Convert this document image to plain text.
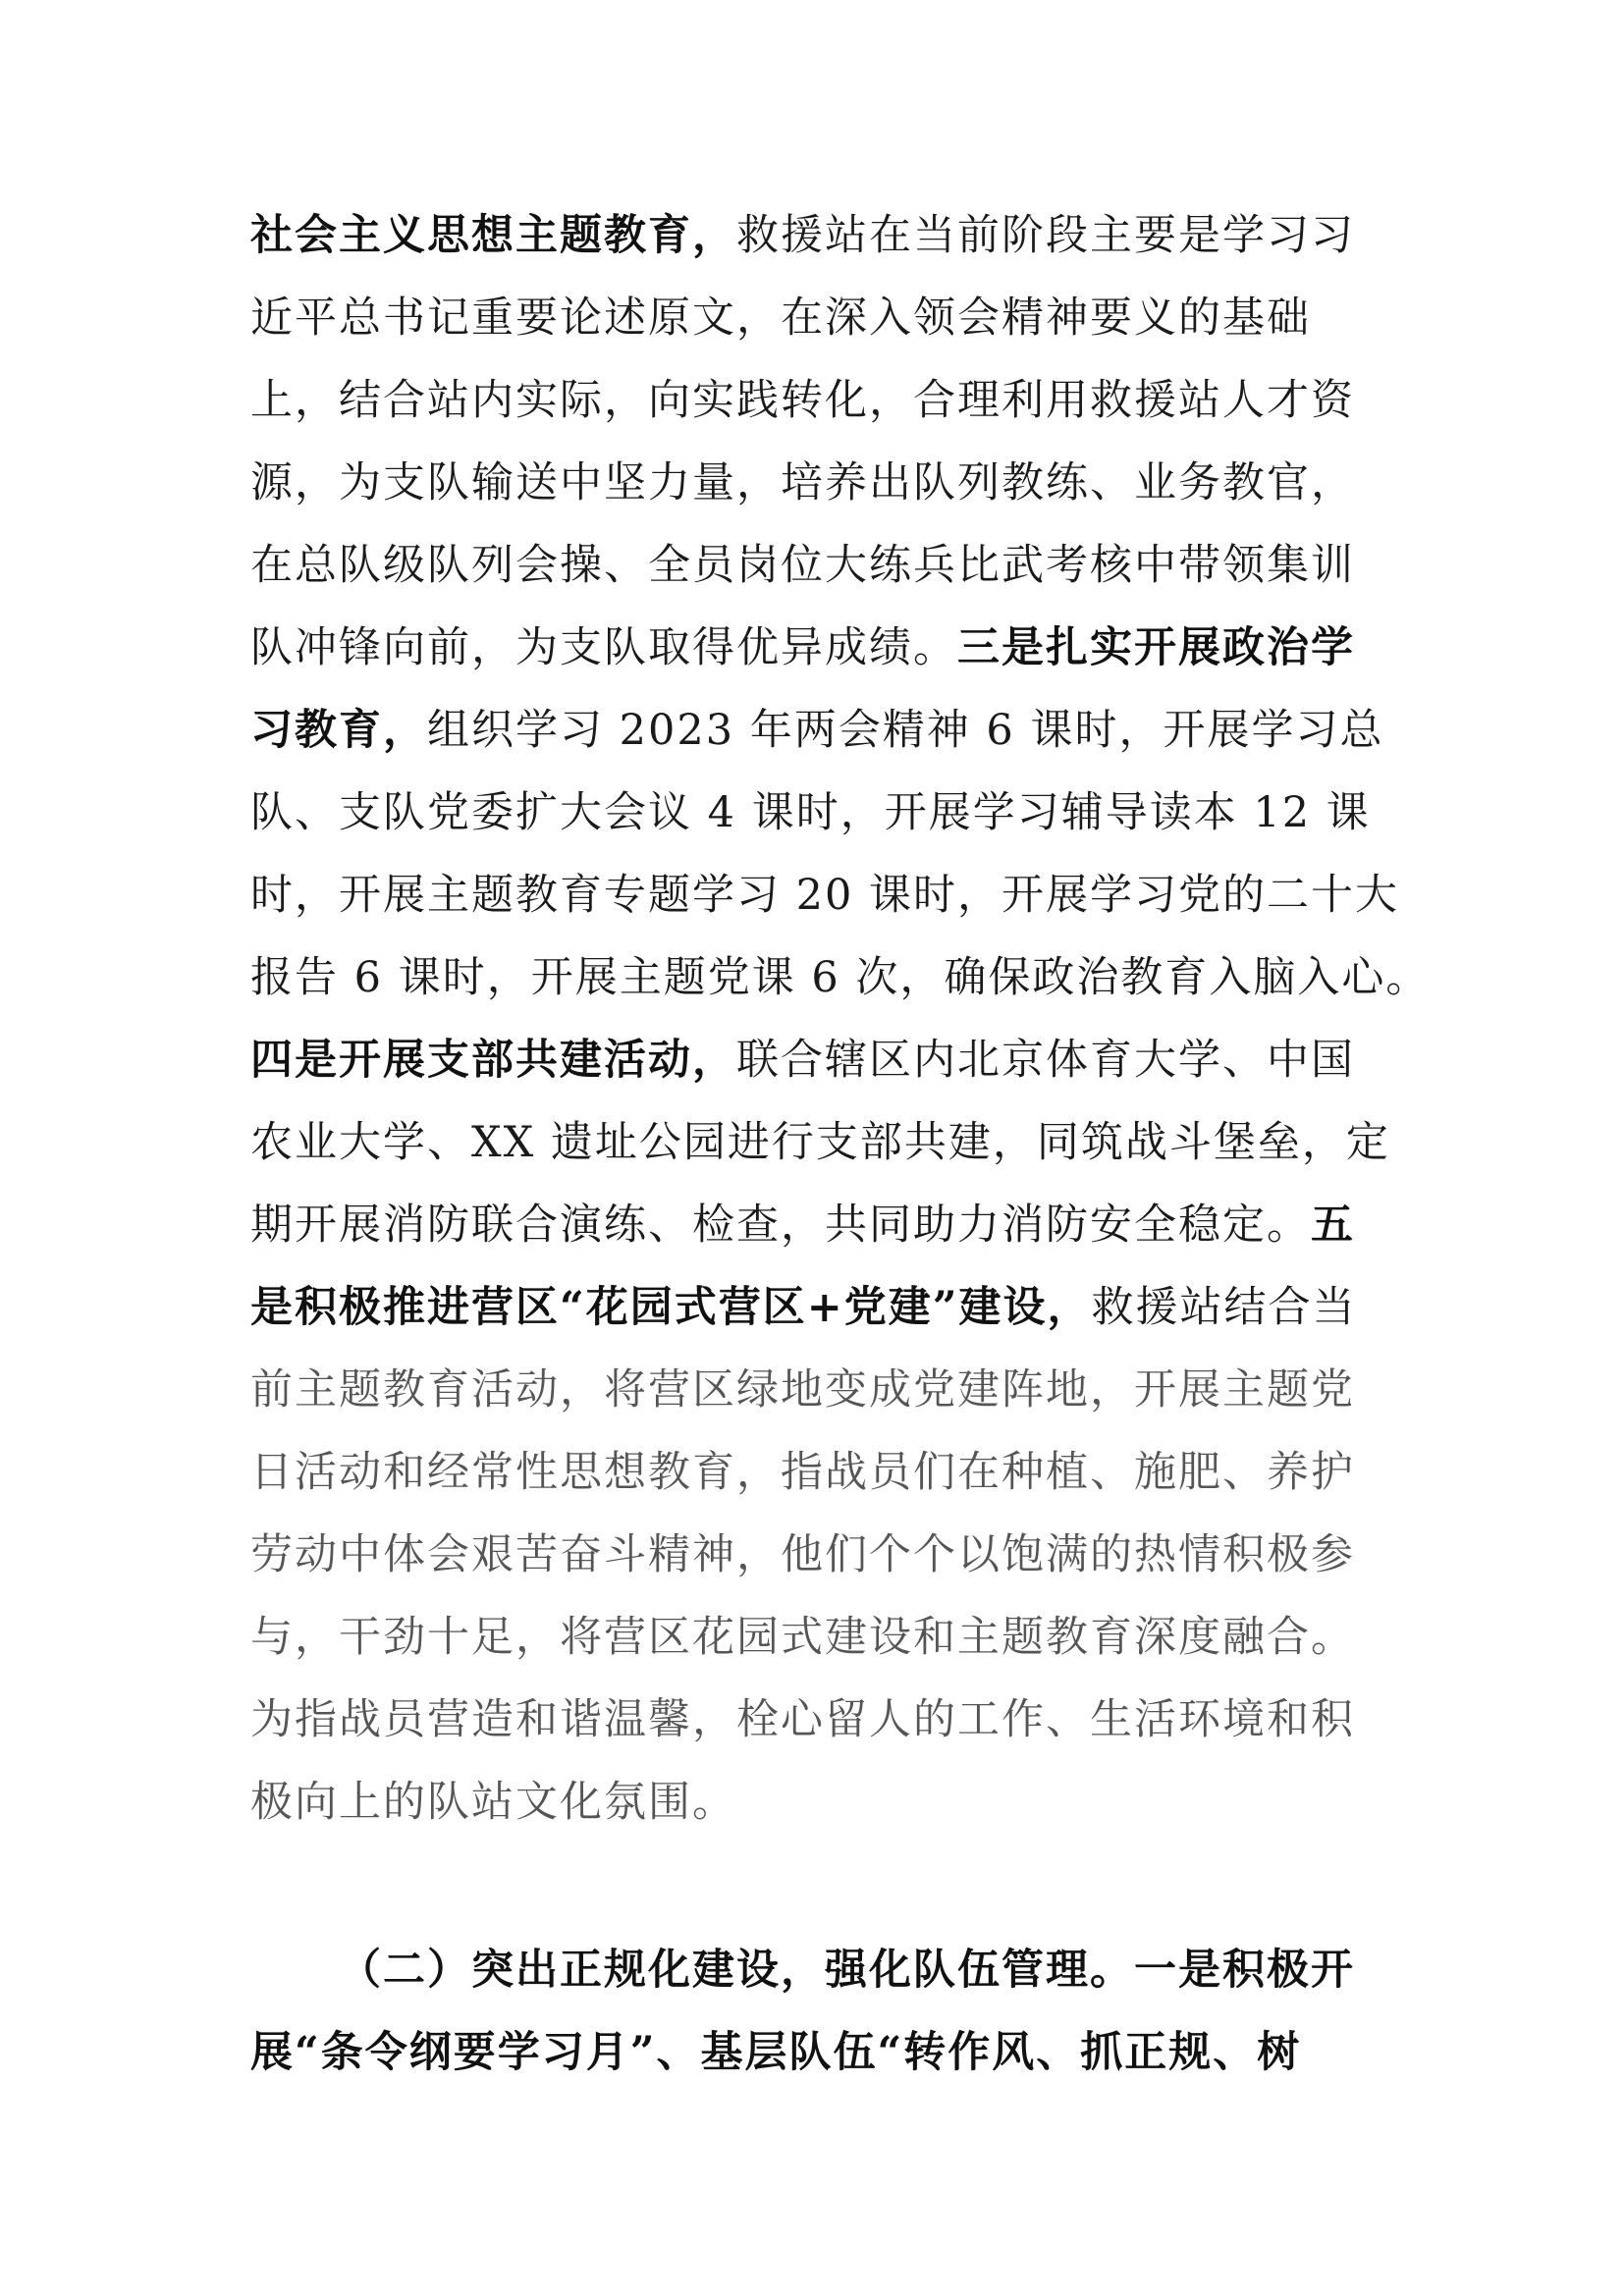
社会主义思想主题教育，救援站在当前阶段主要是学习习
近平总书记重要论述原文，在深入领会精神要义的基础
上，结合站内实际，向实践转化，合理利用救援站人才资
源，为支队输送中坚力量，培养出队列教练、业务教官，
在总队级队列会操、全员岗位大练兵比武考核中带领集训
队冲锋向前，为支队取得优异成绩。三是扎实开展政治学
习教育，组织学习 2023 年两会精神 6 课时，开展学习总
队、支队党委扩大会议 4 课时，开展学习辅导读本 12 课
时，开展主题教育专题学习 20 课时，开展学习党的二十大
报告 6 课时，开展主题党课 6 次，确保政治教育入脑入心。
四是开展支部共建活动，联合辖区内北京体育大学、中国
农业大学、XX 遗址公园进行支部共建，同筑战斗堡垒，定
期开展消防联合演练、检查，共同助力消防安全稳定。五
是积极推进营区“花园式营区+党建”建设，救援站结合当
前主题教育活动，将营区绿地变成党建阵地，开展主题党
日活动和经常性思想教育，指战员们在种植、施肥、养护
劳动中体会艰苦奋斗精神，他们个个以饱满的热情积极参
与，干劲十足，将营区花园式建设和主题教育深度融合。
为指战员营造和谐温馨，栓心留人的工作、生活环境和积
极向上的队站文化氛围。
（二）突出正规化建设，强化队伍管理。一是积极开
展“条令纲要学习月”、基层队伍“转作风、抓正规、树
